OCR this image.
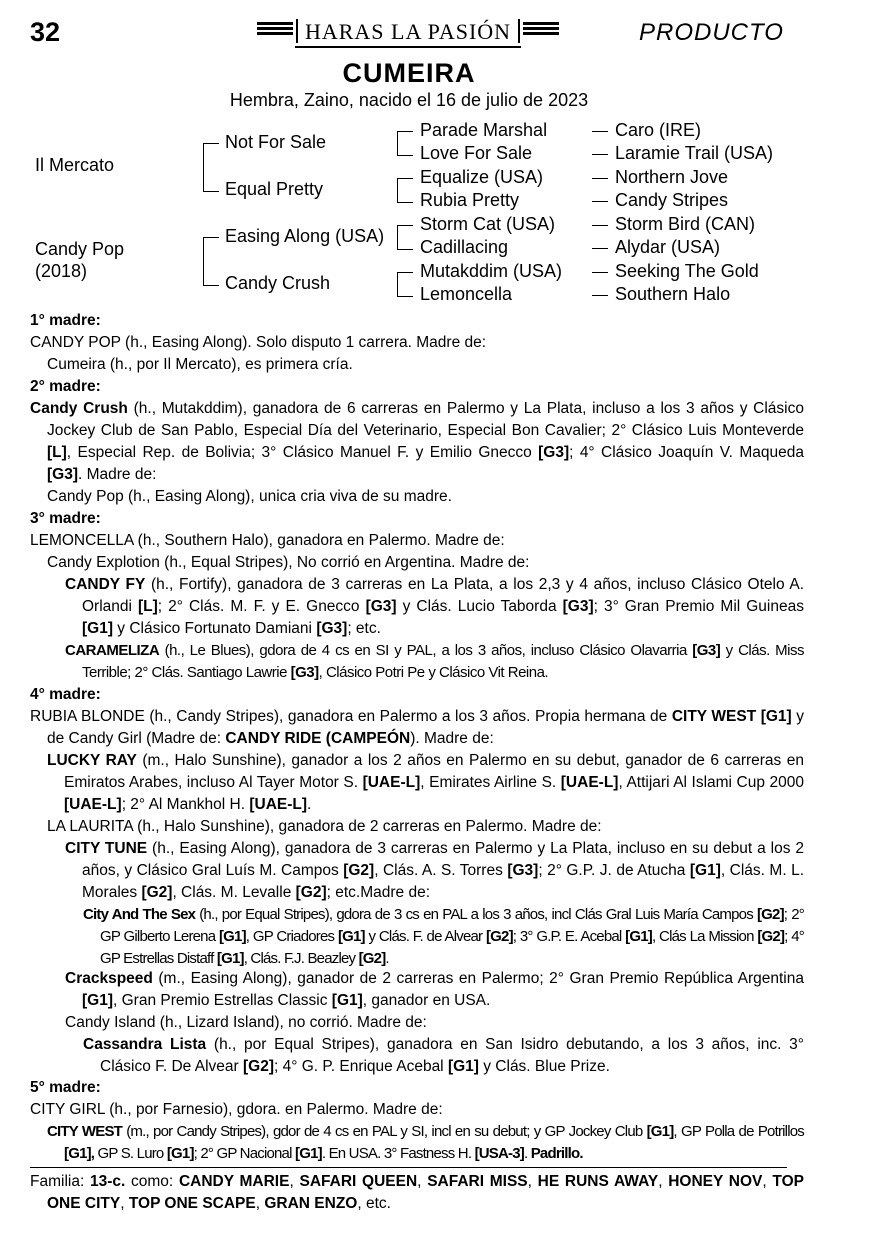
32	HARAS LA PASIÓN	PRODUCTO
CUMEIRA
Hembra, Zaino, nacido el 16 de julio de 2023
Il Mercato
Candy Pop
(2018)
Not For Sale
Equal Pretty
Easing Along (USA)
Candy Crush
Parade Marshal
Love For Sale
Equalize (USA)
Rubia Pretty
Storm Cat (USA)
Cadillacing
Mutakddim (USA)
Lemoncella
Caro (IRE)
Laramie Trail (USA)
Northern Jove
Candy Stripes
Storm Bird (CAN)
Alydar (USA)
Seeking The Gold
Southern Halo
1° madre:
CANDY POP (h., Easing Along). Solo disputo 1 carrera. Madre de:
Cumeira (h., por Il Mercato), es primera cría.
2° madre:
Candy Crush (h., Mutakddim), ganadora de 6 carreras en Palermo y La Plata, incluso a los 3 años y Clásico Jockey Club de San Pablo, Especial Día del Veterinario, Especial Bon Cavalier; 2° Clásico Luis Monteverde [L], Especial Rep. de Bolivia; 3° Clásico Manuel F. y Emilio Gnecco [G3]; 4° Clásico Joaquín V. Maqueda [G3]. Madre de:
Candy Pop (h., Easing Along), unica cria viva de su madre.
3° madre:
LEMONCELLA (h., Southern Halo), ganadora en Palermo. Madre de:
Candy Explotion (h., Equal Stripes), No corrió en Argentina. Madre de:
CANDY FY (h., Fortify), ganadora de 3 carreras en La Plata, a los 2,3 y 4 años, incluso Clásico Otelo A. Orlandi [L]; 2° Clás. M. F. y E. Gnecco [G3] y Clás. Lucio Taborda [G3]; 3° Gran Premio Mil Guineas [G1] y Clásico Fortunato Damiani [G3]; etc.
CARAMELIZA (h., Le Blues), gdora de 4 cs en SI y PAL, a los 3 años, incluso Clásico Olavarria [G3] y Clás. Miss Terrible; 2° Clás. Santiago Lawrie [G3], Clásico Potri Pe y Clásico Vit Reina.
4° madre:
RUBIA BLONDE (h., Candy Stripes), ganadora en Palermo a los 3 años. Propia hermana de CITY WEST [G1] y de Candy Girl (Madre de: CANDY RIDE (CAMPEÓN). Madre de:
LUCKY RAY (m., Halo Sunshine), ganador a los 2 años en Palermo en su debut, ganador de 6 carreras en Emiratos Arabes, incluso Al Tayer Motor S. [UAE-L], Emirates Airline S. [UAE-L], Attijari Al Islami Cup 2000 [UAE-L]; 2° Al Mankhol H. [UAE-L].
LA LAURITA (h., Halo Sunshine), ganadora de 2 carreras en Palermo. Madre de:
CITY TUNE (h., Easing Along), ganadora de 3 carreras en Palermo y La Plata, incluso en su debut a los 2 años, y Clásico Gral Luís M. Campos [G2], Clás. A. S. Torres [G3]; 2° G.P. J. de Atucha [G1], Clás. M. L. Morales [G2], Clás. M. Levalle [G2]; etc.Madre de:
City And The Sex (h., por Equal Stripes), gdora de 3 cs en PAL a los 3 años, incl Clás Gral Luis María Campos [G2]; 2° GP Gilberto Lerena [G1], GP Criadores [G1] y Clás. F. de Alvear [G2]; 3° G.P. E. Acebal [G1], Clás La Mission [G2]; 4° GP Estrellas Distaff [G1], Clás. F.J. Beazley [G2].
Crackspeed (m., Easing Along), ganador de 2 carreras en Palermo; 2° Gran Premio República Argentina [G1], Gran Premio Estrellas Classic [G1], ganador en USA.
Candy Island (h., Lizard Island), no corrió. Madre de:
Cassandra Lista (h., por Equal Stripes), ganadora en San Isidro debutando, a los 3 años, inc. 3° Clásico F. De Alvear [G2]; 4° G. P. Enrique Acebal [G1] y Clás. Blue Prize.
5° madre:
CITY GIRL (h., por Farnesio), gdora. en Palermo. Madre de:
CITY WEST (m., por Candy Stripes), gdor de 4 cs en PAL y SI, incl en su debut; y GP Jockey Club [G1], GP Polla de Potrillos [G1], GP S. Luro [G1]; 2° GP Nacional [G1]. En USA. 3° Fastness H. [USA-3]. Padrillo.
Familia: 13-c. como: CANDY MARIE, SAFARI QUEEN, SAFARI MISS, HE RUNS AWAY, HONEY NOV, TOP ONE CITY, TOP ONE SCAPE, GRAN ENZO, etc.
